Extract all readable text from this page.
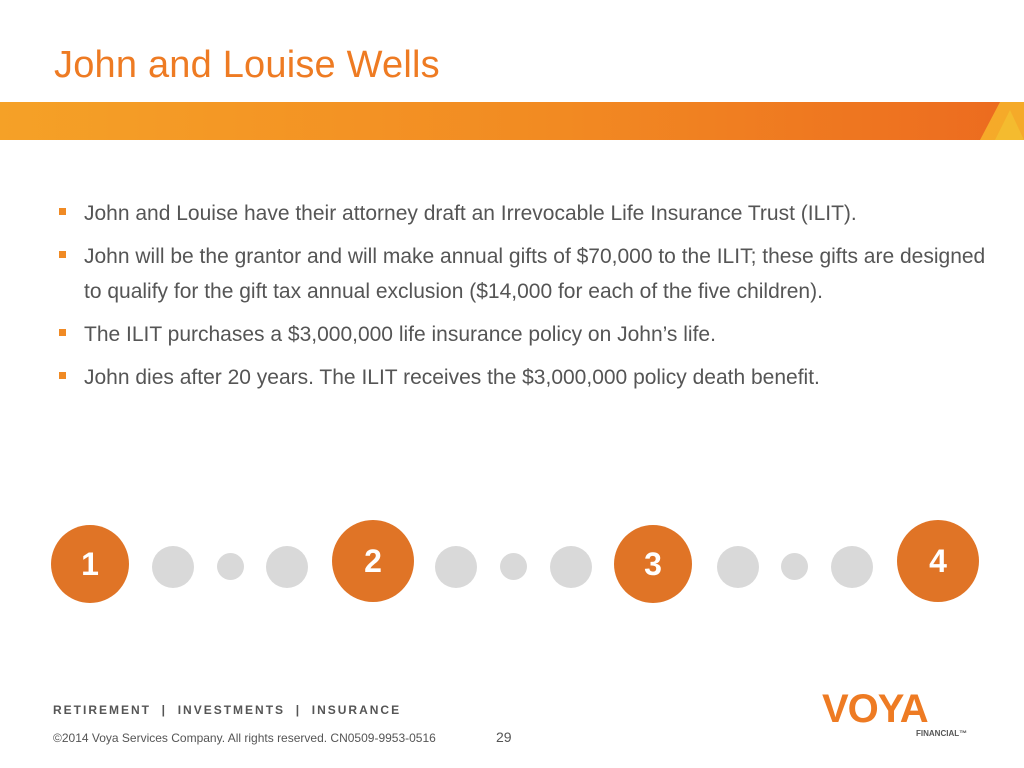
John and Louise Wells
John and Louise have their attorney draft an Irrevocable Life Insurance Trust (ILIT).
John will be the grantor and will make annual gifts of $70,000 to the ILIT; these gifts are designed to qualify for the gift tax annual exclusion ($14,000 for each of the five children).
The ILIT purchases a $3,000,000 life insurance policy on John’s life.
John dies after 20 years. The ILIT receives the $3,000,000 policy death benefit.
1	2	3	4
RETIREMENT  |  INVESTMENTS  |  INSURANCE
©2014 Voya Services Company. All rights reserved. CN0509-9953-0516	29
VOYA
FINANCIAL™
